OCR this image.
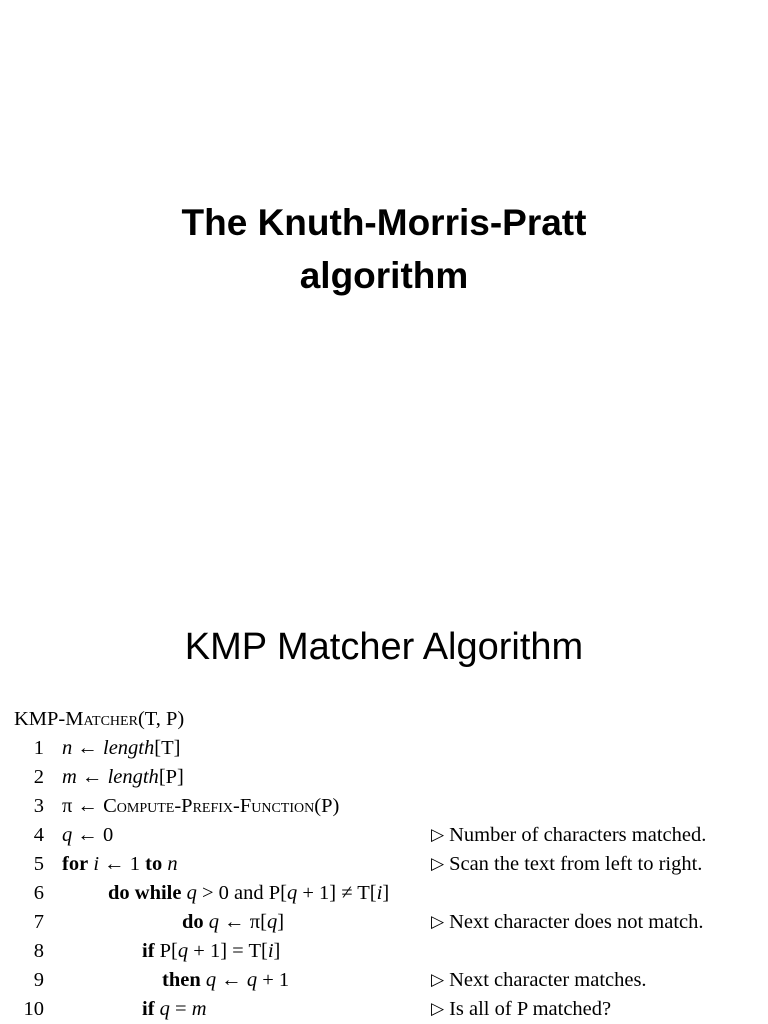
The Knuth-Morris-Pratt
algorithm
KMP Matcher Algorithm
KMP-Matcher(T, P)
1 n ← length[T]
2 m ← length[P]
3 π ← Compute-Prefix-Function(P)
4 q ← 0	▷ Number of characters matched.
5 for i ← 1 to n	▷ Scan the text from left to right.
6	do while q > 0 and P[q + 1] ≠ T[i]
7	do q ← π[q]	▷ Next character does not match.
8	if P[q + 1] = T[i]
9	then q ← q + 1	▷ Next character matches.
10	if q = m	▷ Is all of P matched?
